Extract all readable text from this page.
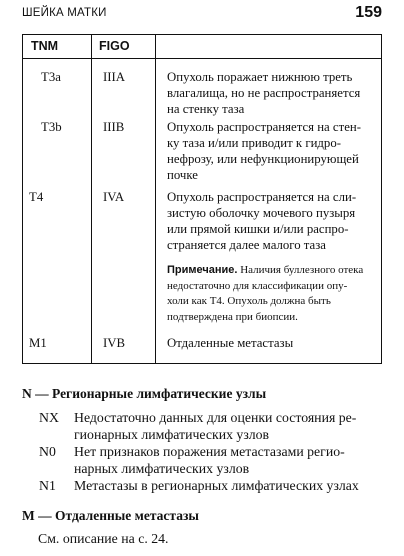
ШЕЙКА МАТКИ	159
TNM	FIGO
T3a	IIIA	Опухоль поражает нижнюю треть
влагалища, но не распространяется
на стенку таза
T3b	IIIB	Опухоль распространяется на стен-
ку таза и/или приводит к гидро-
нефрозу, или нефункционирующей
почке
T4	IVA	Опухоль распространяется на сли-
зистую оболочку мочевого пузыря
или прямой кишки и/или распро-
страняется далее малого таза
Примечание. Наличия буллезного отека
недостаточно для классификации опу-
холи как T4. Опухоль должна быть
подтверждена при биопсии.
M1	IVB	Отдаленные метастазы
N — Регионарные лимфатические узлы
NX Недостаточно данных для оценки состояния ре-
гионарных лимфатических узлов
N0 Нет признаков поражения метастазами регио-
нарных лимфатических узлов
N1 Метастазы в регионарных лимфатических узлах
M — Отдаленные метастазы
См. описание на с. 24.
